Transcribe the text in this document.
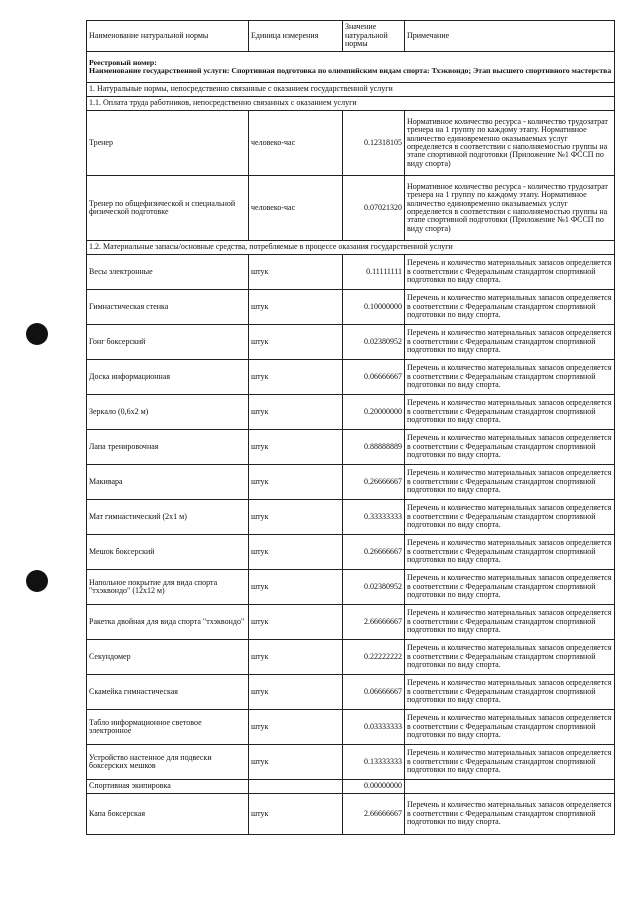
Наименование натуральной нормы	Единица измерения	Значение натуральной нормы	Примечание

Реестровый номер:
Наименование государственной услуги: Спортивная подготовка по олимпийским видам спорта: Тхэквондо; Этап высшего спортивного мастерства			

1. Натуральные нормы, непосредственно связанные с оказанием государственной услуги			
1.1. Оплата труда работников, непосредственно связанных с оказанием услуги			
Тренер	человеко-час	0.12318105	Нормативное количество ресурса - количество трудозатрат тренера на 1 группу по каждому этапу. Нормативное количество единовременно оказываемых услуг определяется в соответствии с наполняемостью группы на этапе спортивной подготовки (Приложение №1 ФССП по виду спорта)
Тренер по общефизической и специальной физической подготовке	человеко-час	0.07021320	Нормативное количество ресурса - количество трудозатрат тренера на 1 группу по каждому этапу. Нормативное количество единовременно оказываемых услуг определяется в соответствии с наполняемостью группы на этапе спортивной подготовки (Приложение №1 ФССП по виду спорта)
1.2. Материальные запасы/основные средства, потребляемые в процессе оказания государственной услуги			
Весы электронные	штук	0.11111111	Перечень и количество материальных запасов определяется в соответствии с Федеральным стандартом спортивной подготовки по виду спорта.
Гимнастическая стенка	штук	0.10000000	Перечень и количество материальных запасов определяется в соответствии с Федеральным стандартом спортивной подготовки по виду спорта.
Гонг боксерский	штук	0.02380952	Перечень и количество материальных запасов определяется в соответствии с Федеральным стандартом спортивной подготовки по виду спорта.
Доска информационная	штук	0.06666667	Перечень и количество материальных запасов определяется в соответствии с Федеральным стандартом спортивной подготовки по виду спорта.
Зеркало (0,6х2 м)	штук	0.20000000	Перечень и количество материальных запасов определяется в соответствии с Федеральным стандартом спортивной подготовки по виду спорта.
Лапа тренировочная	штук	0.88888889	Перечень и количество материальных запасов определяется в соответствии с Федеральным стандартом спортивной подготовки по виду спорта.
Макивара	штук	0.26666667	Перечень и количество материальных запасов определяется в соответствии с Федеральным стандартом спортивной подготовки по виду спорта.
Мат гимнастический (2х1 м)	штук	0.33333333	Перечень и количество материальных запасов определяется в соответствии с Федеральным стандартом спортивной подготовки по виду спорта.
Мешок боксерский	штук	0.26666667	Перечень и количество материальных запасов определяется в соответствии с Федеральным стандартом спортивной подготовки по виду спорта.
Напольное покрытие для вида спорта "тхэквондо" (12х12 м)	штук	0.02380952	Перечень и количество материальных запасов определяется в соответствии с Федеральным стандартом спортивной подготовки по виду спорта.
Ракетка двойная для вида спорта "тхэквондо"	штук	2.66666667	Перечень и количество материальных запасов определяется в соответствии с Федеральным стандартом спортивной подготовки по виду спорта.
Секундомер	штук	0.22222222	Перечень и количество материальных запасов определяется в соответствии с Федеральным стандартом спортивной подготовки по виду спорта.
Скамейка гимнастическая	штук	0.06666667	Перечень и количество материальных запасов определяется в соответствии с Федеральным стандартом спортивной подготовки по виду спорта.
Табло информационное световое электронное	штук	0.03333333	Перечень и количество материальных запасов определяется в соответствии с Федеральным стандартом спортивной подготовки по виду спорта.
Устройство настенное для подвески боксерских мешков	штук	0.13333333	Перечень и количество материальных запасов определяется в соответствии с Федеральным стандартом спортивной подготовки по виду спорта.
Спортивная экипировка		0.00000000	
Капа боксерская	штук	2.66666667	Перечень и количество материальных запасов определяется в соответствии с Федеральным стандартом спортивной подготовки по виду спорта.
